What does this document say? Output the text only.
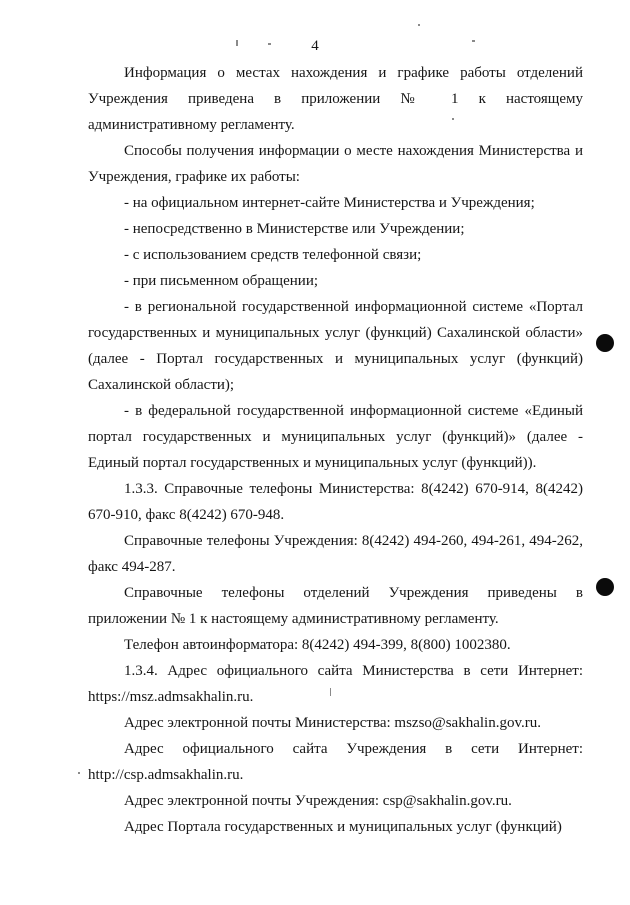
4

Информация о местах нахождения и графике работы отделений Учреждения приведена в приложении № 1 к настоящему административному регламенту.

Способы получения информации о месте нахождения Министерства и Учреждения, графике их работы:

- на официальном интернет-сайте Министерства и Учреждения;

- непосредственно в Министерстве или Учреждении;

- с использованием средств телефонной связи;

- при письменном обращении;

- в региональной государственной информационной системе «Портал государственных и муниципальных услуг (функций) Сахалинской области» (далее - Портал государственных и муниципальных услуг (функций) Сахалинской области);

- в федеральной государственной информационной системе «Единый портал государственных и муниципальных услуг (функций)» (далее - Единый портал государственных и муниципальных услуг (функций)).

1.3.3. Справочные телефоны Министерства: 8(4242) 670-914, 8(4242) 670-910, факс 8(4242) 670-948.

Справочные телефоны Учреждения: 8(4242) 494-260, 494-261, 494-262, факс 494-287.

Справочные телефоны отделений Учреждения приведены в
приложении № 1 к настоящему административному регламенту.

Телефон автоинформатора: 8(4242) 494-399, 8(800) 1002380.

1.3.4. Адрес официального сайта Министерства в сети Интернет: https://msz.admsakhalin.ru.

Адрес электронной почты Министерства: mszso@sakhalin.gov.ru.

Адрес официального сайта Учреждения в сети Интернет:
http://csp.admsakhalin.ru.

Адрес электронной почты Учреждения: csp@sakhalin.gov.ru.

Адрес Портала государственных и муниципальных услуг (функций)
